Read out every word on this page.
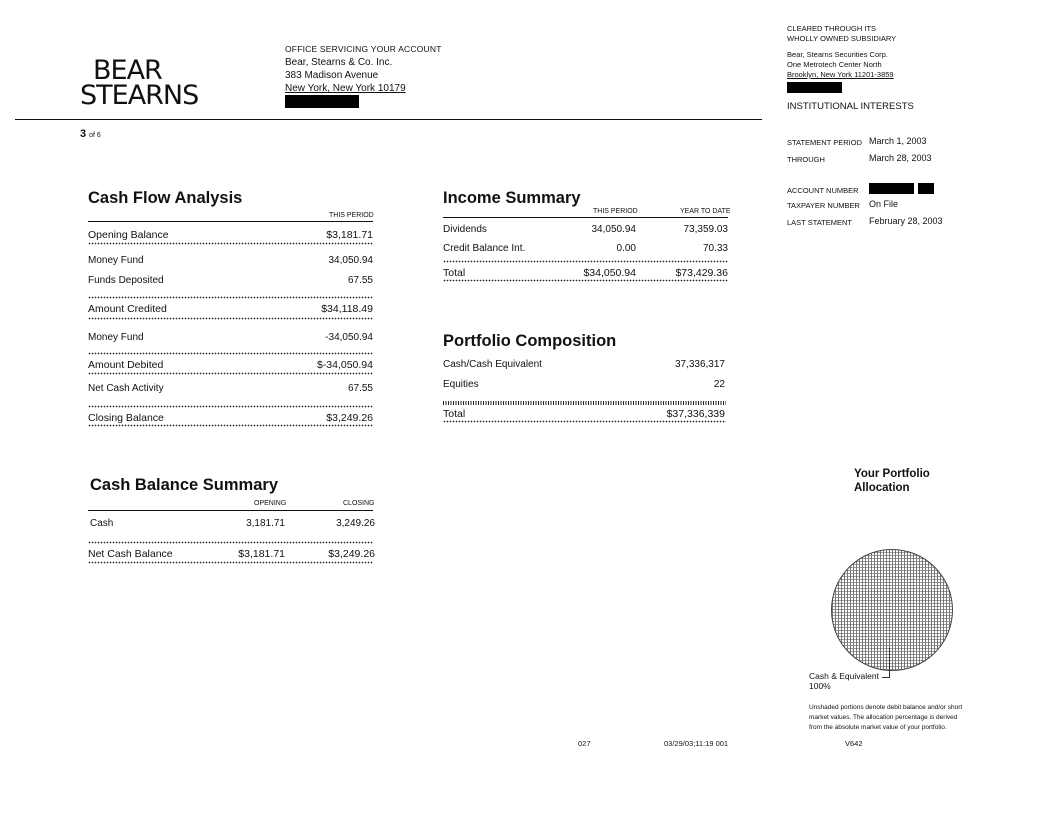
BEAR
STEARNS
OFFICE SERVICING YOUR ACCOUNT
Bear, Stearns & Co. Inc.
383 Madison Avenue
New York, New York 10179
3 of 6
CLEARED THROUGH ITS
WHOLLY OWNED SUBSIDIARY
Bear, Stearns Securities Corp.
One Metrotech Center North
Brooklyn, New York 11201-3859
INSTITUTIONAL INTERESTS
STATEMENT PERIOD March 1, 2003
THROUGH	March 28, 2003
ACCOUNT NUMBER
TAXPAYER NUMBER On File
LAST STATEMENT February 28, 2003
Cash Flow Analysis
THIS PERIOD
Opening Balance	$3,181.71
Money Fund	34,050.94
Funds Deposited	67.55
Amount Credited	$34,118.49
Money Fund	-34,050.94
Amount Debited	$-34,050.94
Net Cash Activity	67.55
Closing Balance	$3,249.26
Income Summary
THIS PERIOD	YEAR TO DATE
Dividends	34,050.94	73,359.03
Credit Balance Int.	0.00	70.33
Total	$34,050.94	$73,429.36
Portfolio Composition
Cash/Cash Equivalent	37,336,317
Equities	22
Total	$37,336,339
Cash Balance Summary
OPENING	CLOSING
Cash	3,181.71	3,249.26
Net Cash Balance	$3,181.71	$3,249.26
Your Portfolio
Allocation
Cash & Equivalent
100%
Unshaded portions denote debit balance and/or short
market values. The allocation percentage is derived
from the absolute market value of your portfolio.
027	03/29/03;11:19 001	V642
